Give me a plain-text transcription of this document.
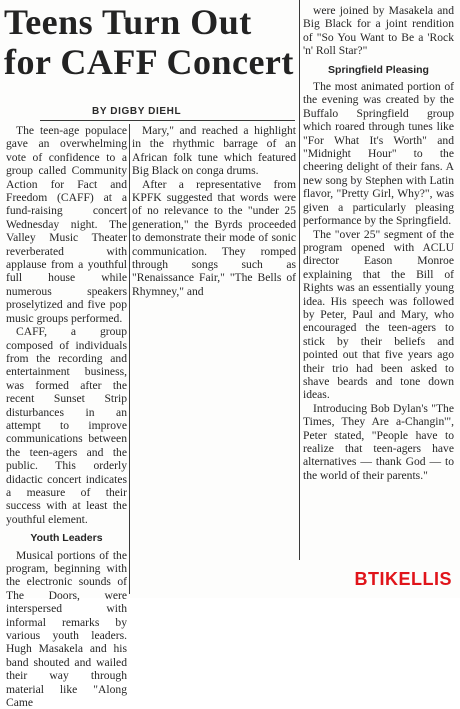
Teens Turn Out
for CAFF Concert
BY DIGBY DIEHL

The teen-age populace gave an overwhelming vote of confidence to a group called Community Action for Fact and Freedom (CAFF) at a fund-raising concert Wednesday night. The Valley Music Theater reverberated with applause from a youthful full house while numerous speakers proselytized and five pop music groups performed.

CAFF, a group composed of individuals from the recording and entertainment business, was formed after the recent Sunset Strip disturbances in an attempt to improve communications between the teen-agers and the public. This orderly didactic concert indicates a measure of their success with at least the youthful element.

Youth Leaders

Musical portions of the program, beginning with the electronic sounds of The Doors, were interspersed with informal remarks by various youth leaders. Hugh Masakela and his band shouted and wailed their way through material like "Along Came

Mary," and reached a highlight in the rhythmic barrage of an African folk tune which featured Big Black on conga drums.

After a representative from KPFK suggested that words were of no relevance to the "under 25 generation," the Byrds proceeded to demonstrate their mode of sonic communication. They romped through songs such as "Renaissance Fair," "The Bells of Rhymney," and

were joined by Masakela and Big Black for a joint rendition of "So You Want to Be a 'Rock 'n' Roll Star?"

Springfield Pleasing

The most animated portion of the evening was created by the Buffalo Springfield group which roared through tunes like "For What It's Worth" and "Midnight Hour" to the cheering delight of their fans. A new song by Stephen with Latin flavor, "Pretty Girl, Why?", was given a particularly pleasing performance by the Springfield.

The "over 25" segment of the program opened with ACLU director Eason Monroe explaining that the Bill of Rights was an essentially young idea. His speech was followed by Peter, Paul and Mary, who encouraged the teen-agers to stick by their beliefs and pointed out that five years ago their trio had been asked to shave beards and tone down ideas.

Introducing Bob Dylan's "The Times, They Are a-Changin'", Peter stated, "People have to realize that teen-agers have alternatives — thank God — to the world of their parents."

BTIKELLIS
